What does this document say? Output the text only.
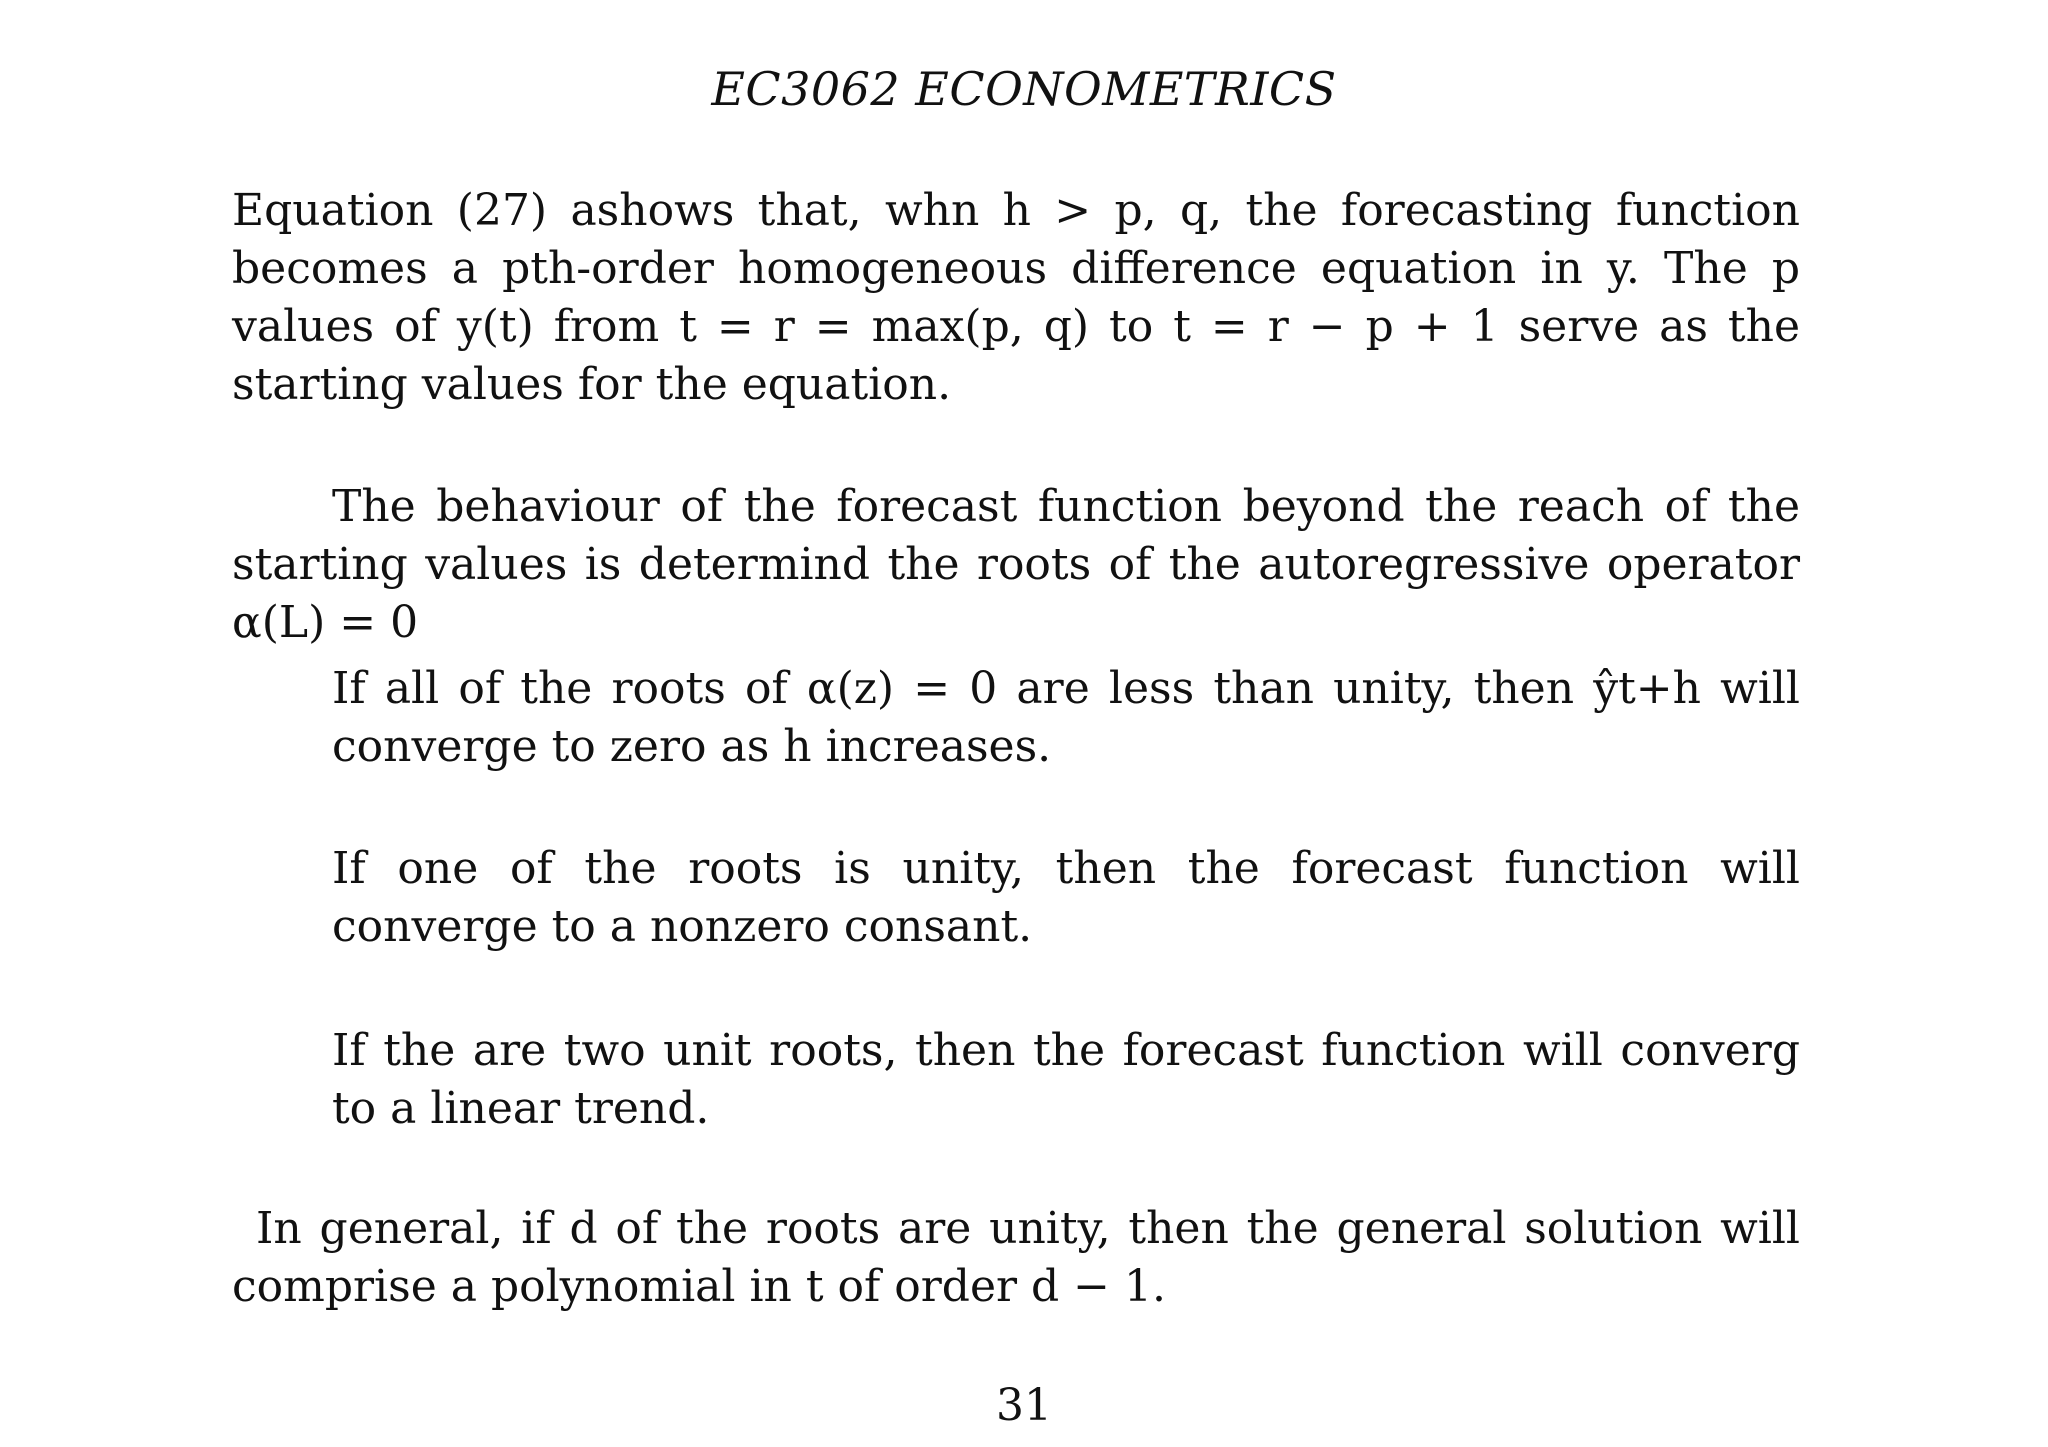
EC3062 ECONOMETRICS
Equation (27) ashows that, whn h > p, q, the forecasting function becomes a pth-order homogeneous difference equation in y. The p values of y(t) from t = r = max(p, q) to t = r − p + 1 serve as the starting values for the equation.
The behaviour of the forecast function beyond the reach of the starting values is determind the roots of the autoregressive operator α(L) = 0
If all of the roots of α(z) = 0 are less than unity, then ŷt+h will converge to zero as h increases.
If one of the roots is unity, then the forecast function will converge to a nonzero consant.
If the are two unit roots, then the forecast function will converg to a linear trend.
In general, if d of the roots are unity, then the general solution will comprise a polynomial in t of order d − 1.
31
